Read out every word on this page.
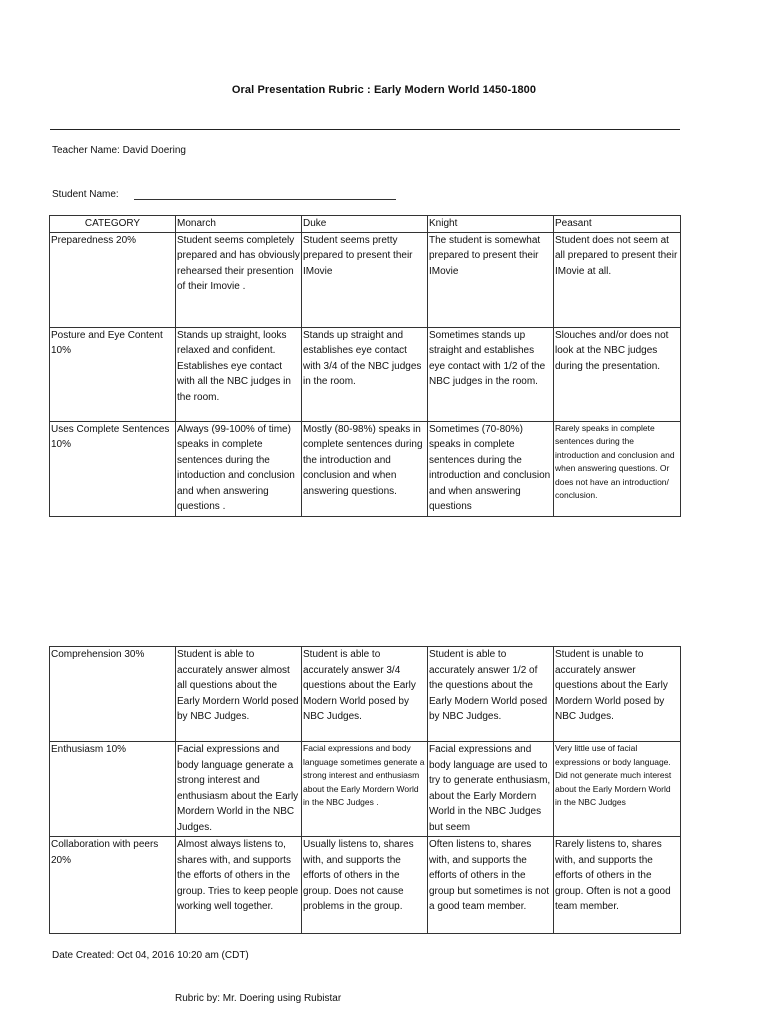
Oral Presentation Rubric : Early Modern World 1450-1800
Teacher Name: David Doering
Student Name:
CATEGORY	Monarch	Duke	Knight	Peasant
Preparedness 20%	Student seems completely prepared and has obviously rehearsed their presention of their Imovie .	Student seems pretty prepared to present their IMovie	The student is somewhat prepared to present their IMovie	Student does not seem at all prepared to present their IMovie at all.
Posture and Eye Content 10%	Stands up straight, looks relaxed and confident. Establishes eye contact with all the NBC judges in the room.	Stands up straight and establishes eye contact with 3/4 of the NBC judges in the room.	Sometimes stands up straight and establishes eye contact with 1/2 of the NBC judges in the room.	Slouches and/or does not look at the NBC judges during the presentation.
Uses Complete Sentences 10%	Always (99-100% of time) speaks in complete sentences during the intoduction and conclusion and when answering questions .	Mostly (80-98%) speaks in complete sentences during the introduction and conclusion and when answering questions.	Sometimes (70-80%) speaks in complete sentences during the introduction and conclusion and when answering questions	Rarely speaks in complete sentences during the introduction and conclusion and when answering questions. Or does not have an introduction/ conclusion.
Comprehension 30%	Student is able to accurately answer almost all questions about the Early Mordern World posed by NBC Judges.	Student is able to accurately answer 3/4 questions about the Early Modern World posed by NBC Judges.	Student is able to accurately answer 1/2 of the questions about the Early Modern World posed by NBC Judges.	Student is unable to accurately answer questions about the Early Mordern World posed by NBC Judges.
Enthusiasm 10%	Facial expressions and body language generate a strong interest and enthusiasm about the Early Mordern World in the NBC Judges.	Facial expressions and body language sometimes generate a strong interest and enthusiasm about the Early Mordern World in the NBC Judges .	Facial expressions and body language are used to try to generate enthusiasm, about the Early Mordern World in the NBC Judges but seem	Very little use of facial expressions or body language. Did not generate much interest about the Early Mordern World in the NBC Judges
Collaboration with peers 20%	Almost always listens to, shares with, and supports the efforts of others in the group. Tries to keep people working well together.	Usually listens to, shares with, and supports the efforts of others in the group. Does not cause problems in the group.	Often listens to, shares with, and supports the efforts of others in the group but sometimes is not a good team member.	Rarely listens to, shares with, and supports the efforts of others in the group. Often is not a good team member.
Date Created: Oct 04, 2016 10:20 am (CDT)
Rubric by: Mr. Doering using Rubistar
